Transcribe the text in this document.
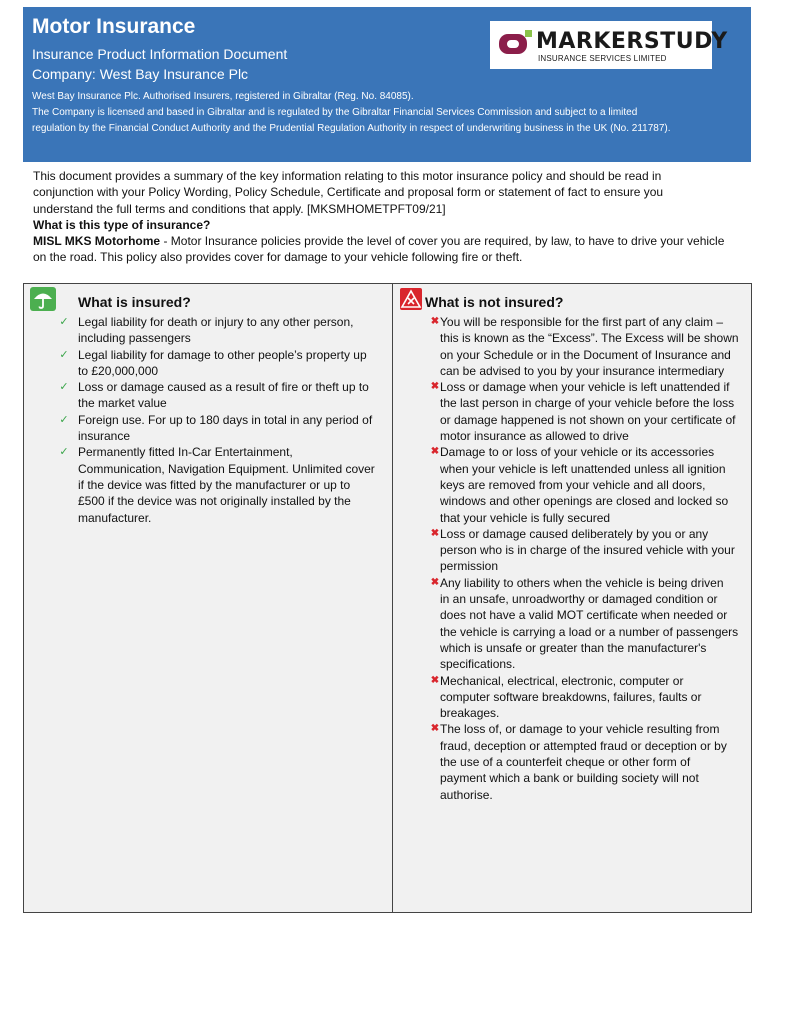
Motor Insurance
Insurance Product Information Document
Company: West Bay Insurance Plc
West Bay Insurance Plc. Authorised Insurers, registered in Gibraltar (Reg. No. 84085).
The Company is licensed and based in Gibraltar and is regulated by the Gibraltar Financial Services Commission and subject to a limited
regulation by the Financial Conduct Authority and the Prudential Regulation Authority in respect of underwriting business in the UK (No. 211787).
MARKERSTUDY
INSURANCE SERVICES LIMITED

This document provides a summary of the key information relating to this motor insurance policy and should be read in

conjunction with your Policy Wording, Policy Schedule, Certificate and proposal form or statement of fact to ensure you

understand the full terms and conditions that apply. [MKSMHOMETPFT09/21]

What is this type of insurance?

MISL MKS Motorhome - Motor Insurance policies provide the level of cover you are required, by law, to have to drive your vehicle

on the road. This policy also provides cover for damage to your vehicle following fire or theft.

What is insured?
✓ Legal liability for death or injury to any other person,
including passengers
✓ Legal liability for damage to other people’s property up
to £20,000,000
✓ Loss or damage caused as a result of fire or theft up to
the market value
✓ Foreign use. For up to 180 days in total in any period of
insurance
✓ Permanently fitted In-Car Entertainment,
Communication, Navigation Equipment. Unlimited cover
if the device was fitted by the manufacturer or up to
£500 if the device was not originally installed by the
manufacturer.
What is not insured?
✖ You will be responsible for the first part of any claim –
this is known as the “Excess”. The Excess will be shown
on your Schedule or in the Document of Insurance and
can be advised to you by your insurance intermediary
✖ Loss or damage when your vehicle is left unattended if
the last person in charge of your vehicle before the loss
or damage happened is not shown on your certificate of
motor insurance as allowed to drive
✖ Damage to or loss of your vehicle or its accessories
when your vehicle is left unattended unless all ignition
keys are removed from your vehicle and all doors,
windows and other openings are closed and locked so
that your vehicle is fully secured
✖ Loss or damage caused deliberately by you or any
person who is in charge of the insured vehicle with your
permission
✖ Any liability to others when the vehicle is being driven
in an unsafe, unroadworthy or damaged condition or
does not have a valid MOT certificate when needed or
the vehicle is carrying a load or a number of passengers
which is unsafe or greater than the manufacturer's
specifications.
✖ Mechanical, electrical, electronic, computer or
computer software breakdowns, failures, faults or
breakages.
✖ The loss of, or damage to your vehicle resulting from
fraud, deception or attempted fraud or deception or by
the use of a counterfeit cheque or other form of
payment which a bank or building society will not
authorise.
